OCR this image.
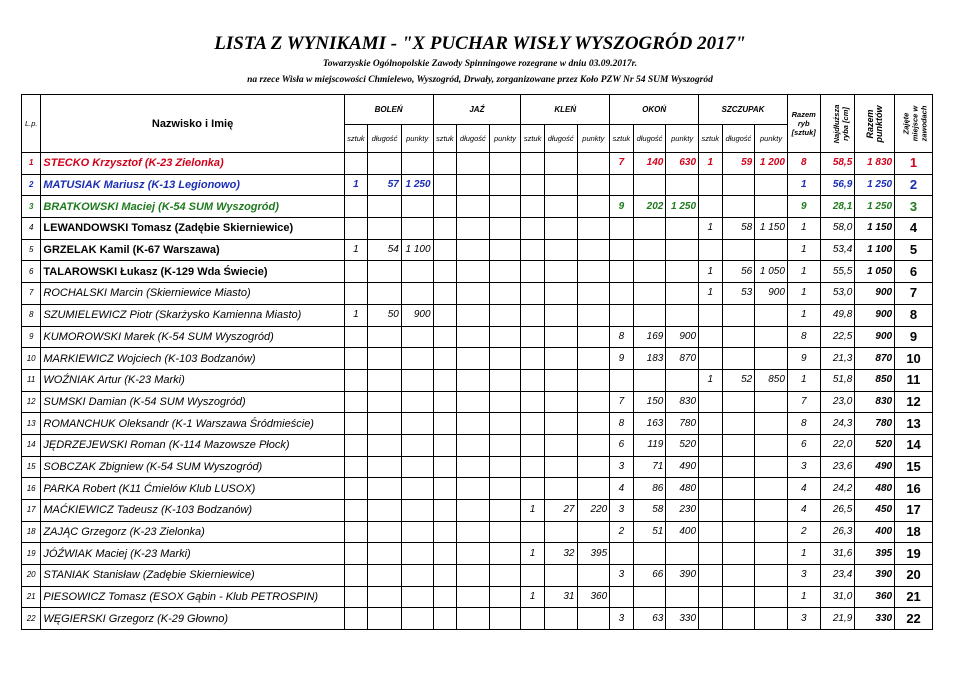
LISTA Z WYNIKAMI - "X PUCHAR WISŁY WYSZOGRÓD 2017"
Towarzyskie Ogólnopolskie Zawody Spinningowe rozegrane w dniu 03.09.2017r.
na rzece Wisła w miejscowości Chmielewo, Wyszogród, Drwały, zorganizowane przez Koło PZW Nr 54 SUM Wyszogród
L.p.	Nazwisko i Imię	BOLEŃ			JAŹ			KLEŃ			OKOŃ			SZCZUPAK			Razem ryb [sztuk]	Najdłuższa ryba [cm]	Razem punktów	Zajęte miejsce w zawodach

		sztuk	długość	punkty	sztuk	długość	punkty	sztuk	długość	punkty	sztuk	długość	punkty	sztuk	długość	punkty				
1	STECKO Krzysztof (K-23 Zielonka)										7	140	630	1	59	1 200	8	58,5	1 830	1
2	MATUSIAK Mariusz (K-13 Legionowo)	1	57	1 250													1	56,9	1 250	2
3	BRATKOWSKI Maciej (K-54 SUM Wyszogród)										9	202	1 250				9	28,1	1 250	3
4	LEWANDOWSKI Tomasz (Zadębie Skierniewice)													1	58	1 150	1	58,0	1 150	4
5	GRZELAK Kamil (K-67 Warszawa)	1	54	1 100													1	53,4	1 100	5
6	TALAROWSKI Łukasz (K-129 Wda Świecie)													1	56	1 050	1	55,5	1 050	6
7	ROCHALSKI Marcin (Skierniewice Miasto)													1	53	900	1	53,0	900	7
8	SZUMIELEWICZ Piotr (Skarżysko Kamienna Miasto)	1	50	900													1	49,8	900	8
9	KUMOROWSKI Marek (K-54 SUM Wyszogród)										8	169	900				8	22,5	900	9
10	MARKIEWICZ Wojciech (K-103 Bodzanów)										9	183	870				9	21,3	870	10
11	WOŹNIAK Artur (K-23 Marki)													1	52	850	1	51,8	850	11
12	SUMSKI Damian (K-54 SUM Wyszogród)										7	150	830				7	23,0	830	12
13	ROMANCHUK Oleksandr (K-1 Warszawa Śródmieście)										8	163	780				8	24,3	780	13
14	JĘDRZEJEWSKI Roman (K-114 Mazowsze Płock)										6	119	520				6	22,0	520	14
15	SOBCZAK Zbigniew (K-54 SUM Wyszogród)										3	71	490				3	23,6	490	15
16	PARKA Robert (K11 Ćmielów Klub LUSOX)										4	86	480				4	24,2	480	16
17	MAĆKIEWICZ Tadeusz (K-103 Bodzanów)							1	27	220	3	58	230				4	26,5	450	17
18	ZAJĄC Grzegorz (K-23 Zielonka)										2	51	400				2	26,3	400	18
19	JÓŹWIAK Maciej (K-23 Marki)							1	32	395							1	31,6	395	19
20	STANIAK Stanisław (Zadębie Skierniewice)										3	66	390				3	23,4	390	20
21	PIESOWICZ Tomasz (ESOX Gąbin - Klub PETROSPIN)							1	31	360							1	31,0	360	21
22	WĘGIERSKI Grzegorz (K-29 Głowno)										3	63	330				3	21,9	330	22
